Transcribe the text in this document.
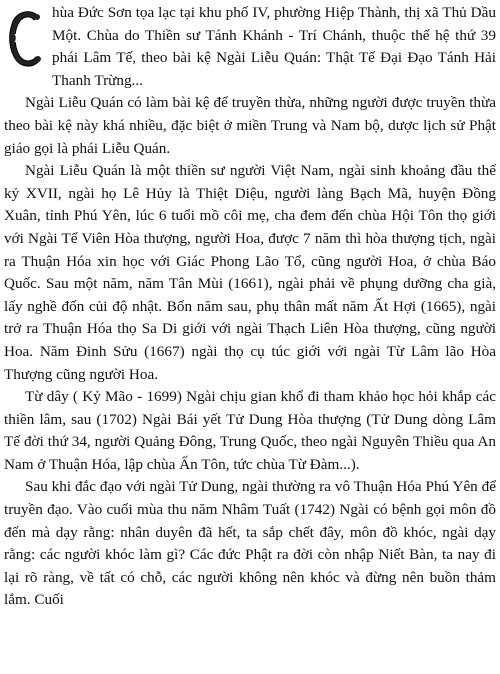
hùa Đức Sơn tọa lạc tại khu phố IV, phường Hiệp Thành, thị xã Thủ Dầu Một. Chùa do Thiền sư Tánh Khánh - Trí Chánh, thuộc thế hệ thứ 39 phái Lâm Tế, theo bài kệ Ngài Liễu Quán: Thật Tế Đại Đạo Tánh Hải Thanh Trừng...

Ngài Liễu Quán có làm bài kệ để truyền thừa, những người được truyền thừa theo bài kệ này khá nhiều, đặc biệt ở miền Trung và Nam bộ, dược lịch sử Phật giáo gọi là phái Liễu Quán.

Ngài Liễu Quán là một thiền sư người Việt Nam, ngài sinh khoảng đầu thế kỷ XVII, ngài họ Lê Hủy là Thiệt Diệu, người làng Bạch Mã, huyện Đồng Xuân, tỉnh Phú Yên, lúc 6 tuổi mồ côi mẹ, cha đem đến chùa Hội Tôn thọ giới với Ngài Tế Viên Hòa thượng, người Hoa, được 7 năm thì hòa thượng tịch, ngài ra Thuận Hóa xin học với Giác Phong Lão Tổ, cũng người Hoa, ở chùa Báo Quốc. Sau một năm, năm Tân Mùi (1661), ngài phải về phụng dưỡng cha già, lấy nghề đốn củi độ nhật. Bốn năm sau, phụ thân mất năm Ất Hợi (1665), ngài trở ra Thuận Hóa thọ Sa Di giới với ngài Thạch Liên Hòa thượng, cũng người Hoa. Năm Đinh Sửu (1667) ngài thọ cụ túc giới với ngài Từ Lâm lão Hòa Thượng cũng người Hoa.

Từ dây ( Kỷ Mão - 1699) Ngài chịu gian khổ đi tham khảo học hỏi khắp các thiền lâm, sau (1702) Ngài Bái yết Tử Dung Hòa thượng (Tử Dung dòng Lâm Tế đời thứ 34, người Quảng Đông, Trung Quốc, theo ngài Nguyên Thiều qua An Nam ở Thuận Hóa, lập chùa Ấn Tôn, tức chùa Từ Đàm...).

Sau khi đắc đạo với ngài Tử Dung, ngài thường ra vô Thuận Hóa Phú Yên để truyền đạo. Vào cuối mùa thu năm Nhâm Tuất (1742) Ngài có bệnh gọi môn đồ đến mà dạy rằng: nhân duyên đã hết, ta sắp chết đây, môn đồ khóc, ngài dạy rằng: các người khóc làm gì? Các đức Phật ra đời còn nhập Niết Bàn, ta nay đi lại rõ ràng, về tất có chỗ, các người không nên khóc và đừng nên buồn thảm lắm. Cuối
